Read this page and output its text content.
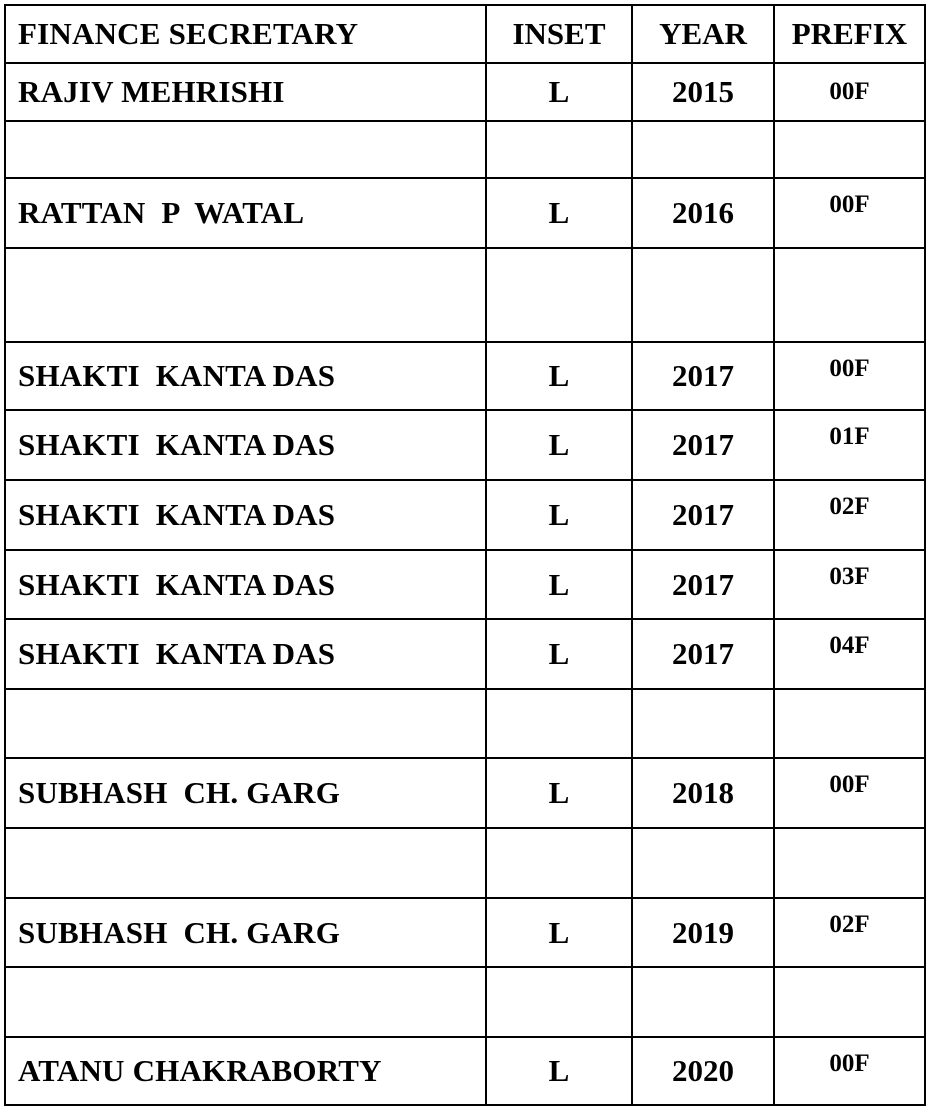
FINANCE SECRETARY	INSET	YEAR	PREFIX
RAJIV MEHRISHI	L	2015	00F

RATTAN  P  WATAL	L	2016	00F

SHAKTI  KANTA DAS	L	2017	00F
SHAKTI  KANTA DAS	L	2017	01F
SHAKTI  KANTA DAS	L	2017	02F
SHAKTI  KANTA DAS	L	2017	03F
SHAKTI  KANTA DAS	L	2017	04F

SUBHASH  CH. GARG	L	2018	00F

SUBHASH  CH. GARG	L	2019	02F

ATANU CHAKRABORTY	L	2020	00F
